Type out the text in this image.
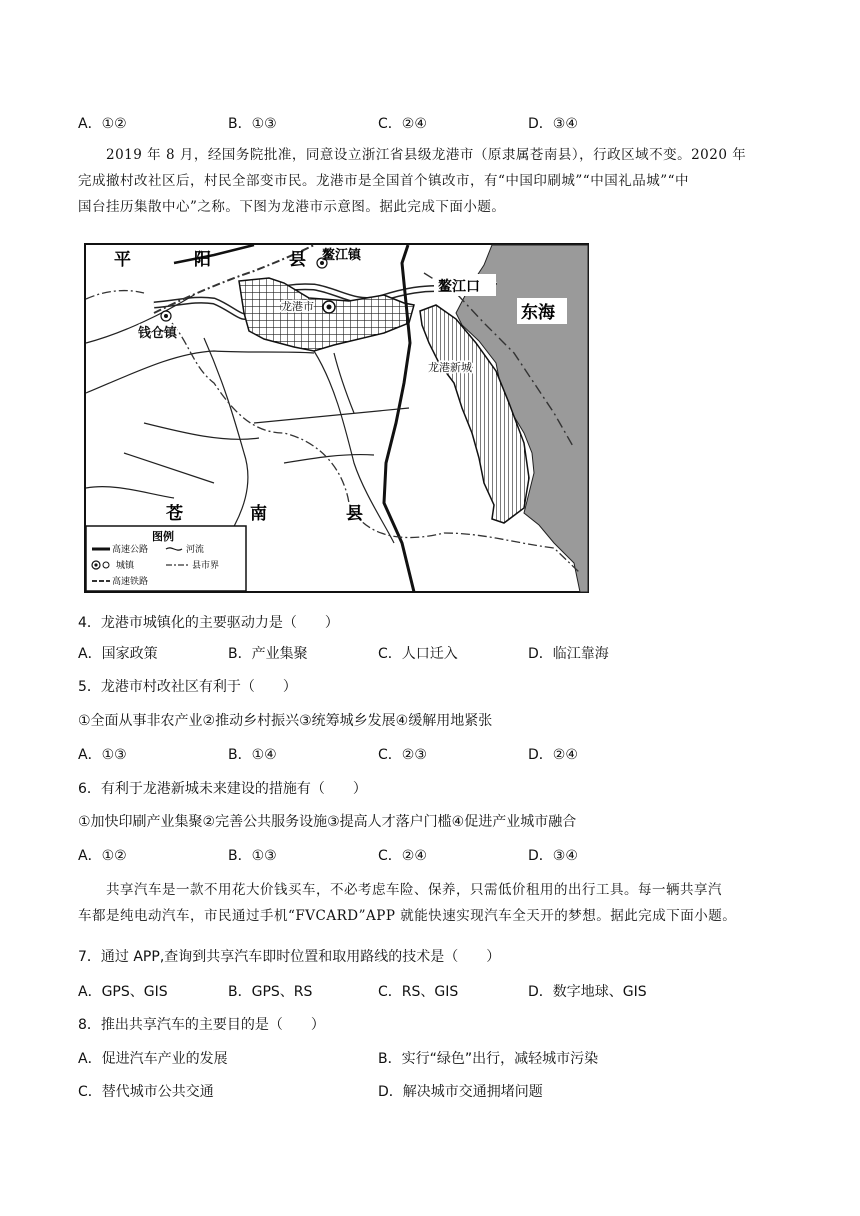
A．①②	B．①③	C．②④	D．③④

2019 年 8 月，经国务院批准，同意设立浙江省县级龙港市（原隶属苍南县），行政区域不变。2020 年

完成撤村改社区后，村民全部变市民。龙港市是全国首个镇改市，有“中国印刷城”“中国礼品城”“中

国台挂历集散中心”之称。下图为龙港市示意图。据此完成下面小题。

平	阳	县 鳌江镇
鳌江口
龙港市
钱仓镇
东海
龙港新城
苍	南	县
图例
高速公路	河流
城镇	县市界
高速铁路
4．龙港市城镇化的主要驱动力是（　　）
A．国家政策	B．产业集聚	C．人口迁入	D．临江靠海
5．龙港市村改社区有利于（　　）
①全面从事非农产业②推动乡村振兴③统筹城乡发展④缓解用地紧张
A．①③	B．①④	C．②③	D．②④
6．有利于龙港新城未来建设的措施有（　　）
①加快印刷产业集聚②完善公共服务设施③提高人才落户门槛④促进产业城市融合
A．①②	B．①③	C．②④	D．③④

共享汽车是一款不用花大价钱买车，不必考虑车险、保养，只需低价租用的出行工具。每一辆共享汽

车都是纯电动汽车，市民通过手机“FVCARD”APP 就能快速实现汽车全天开的梦想。据此完成下面小题。

7．通过 APP,查询到共享汽车即时位置和取用路线的技术是（　　）
A．GPS、GIS	B．GPS、RS	C．RS、GIS	D．数字地球、GIS
8．推出共享汽车的主要目的是（　　）
A．促进汽车产业的发展	B．实行“绿色”出行，减轻城市污染
C．替代城市公共交通	D．解决城市交通拥堵问题
